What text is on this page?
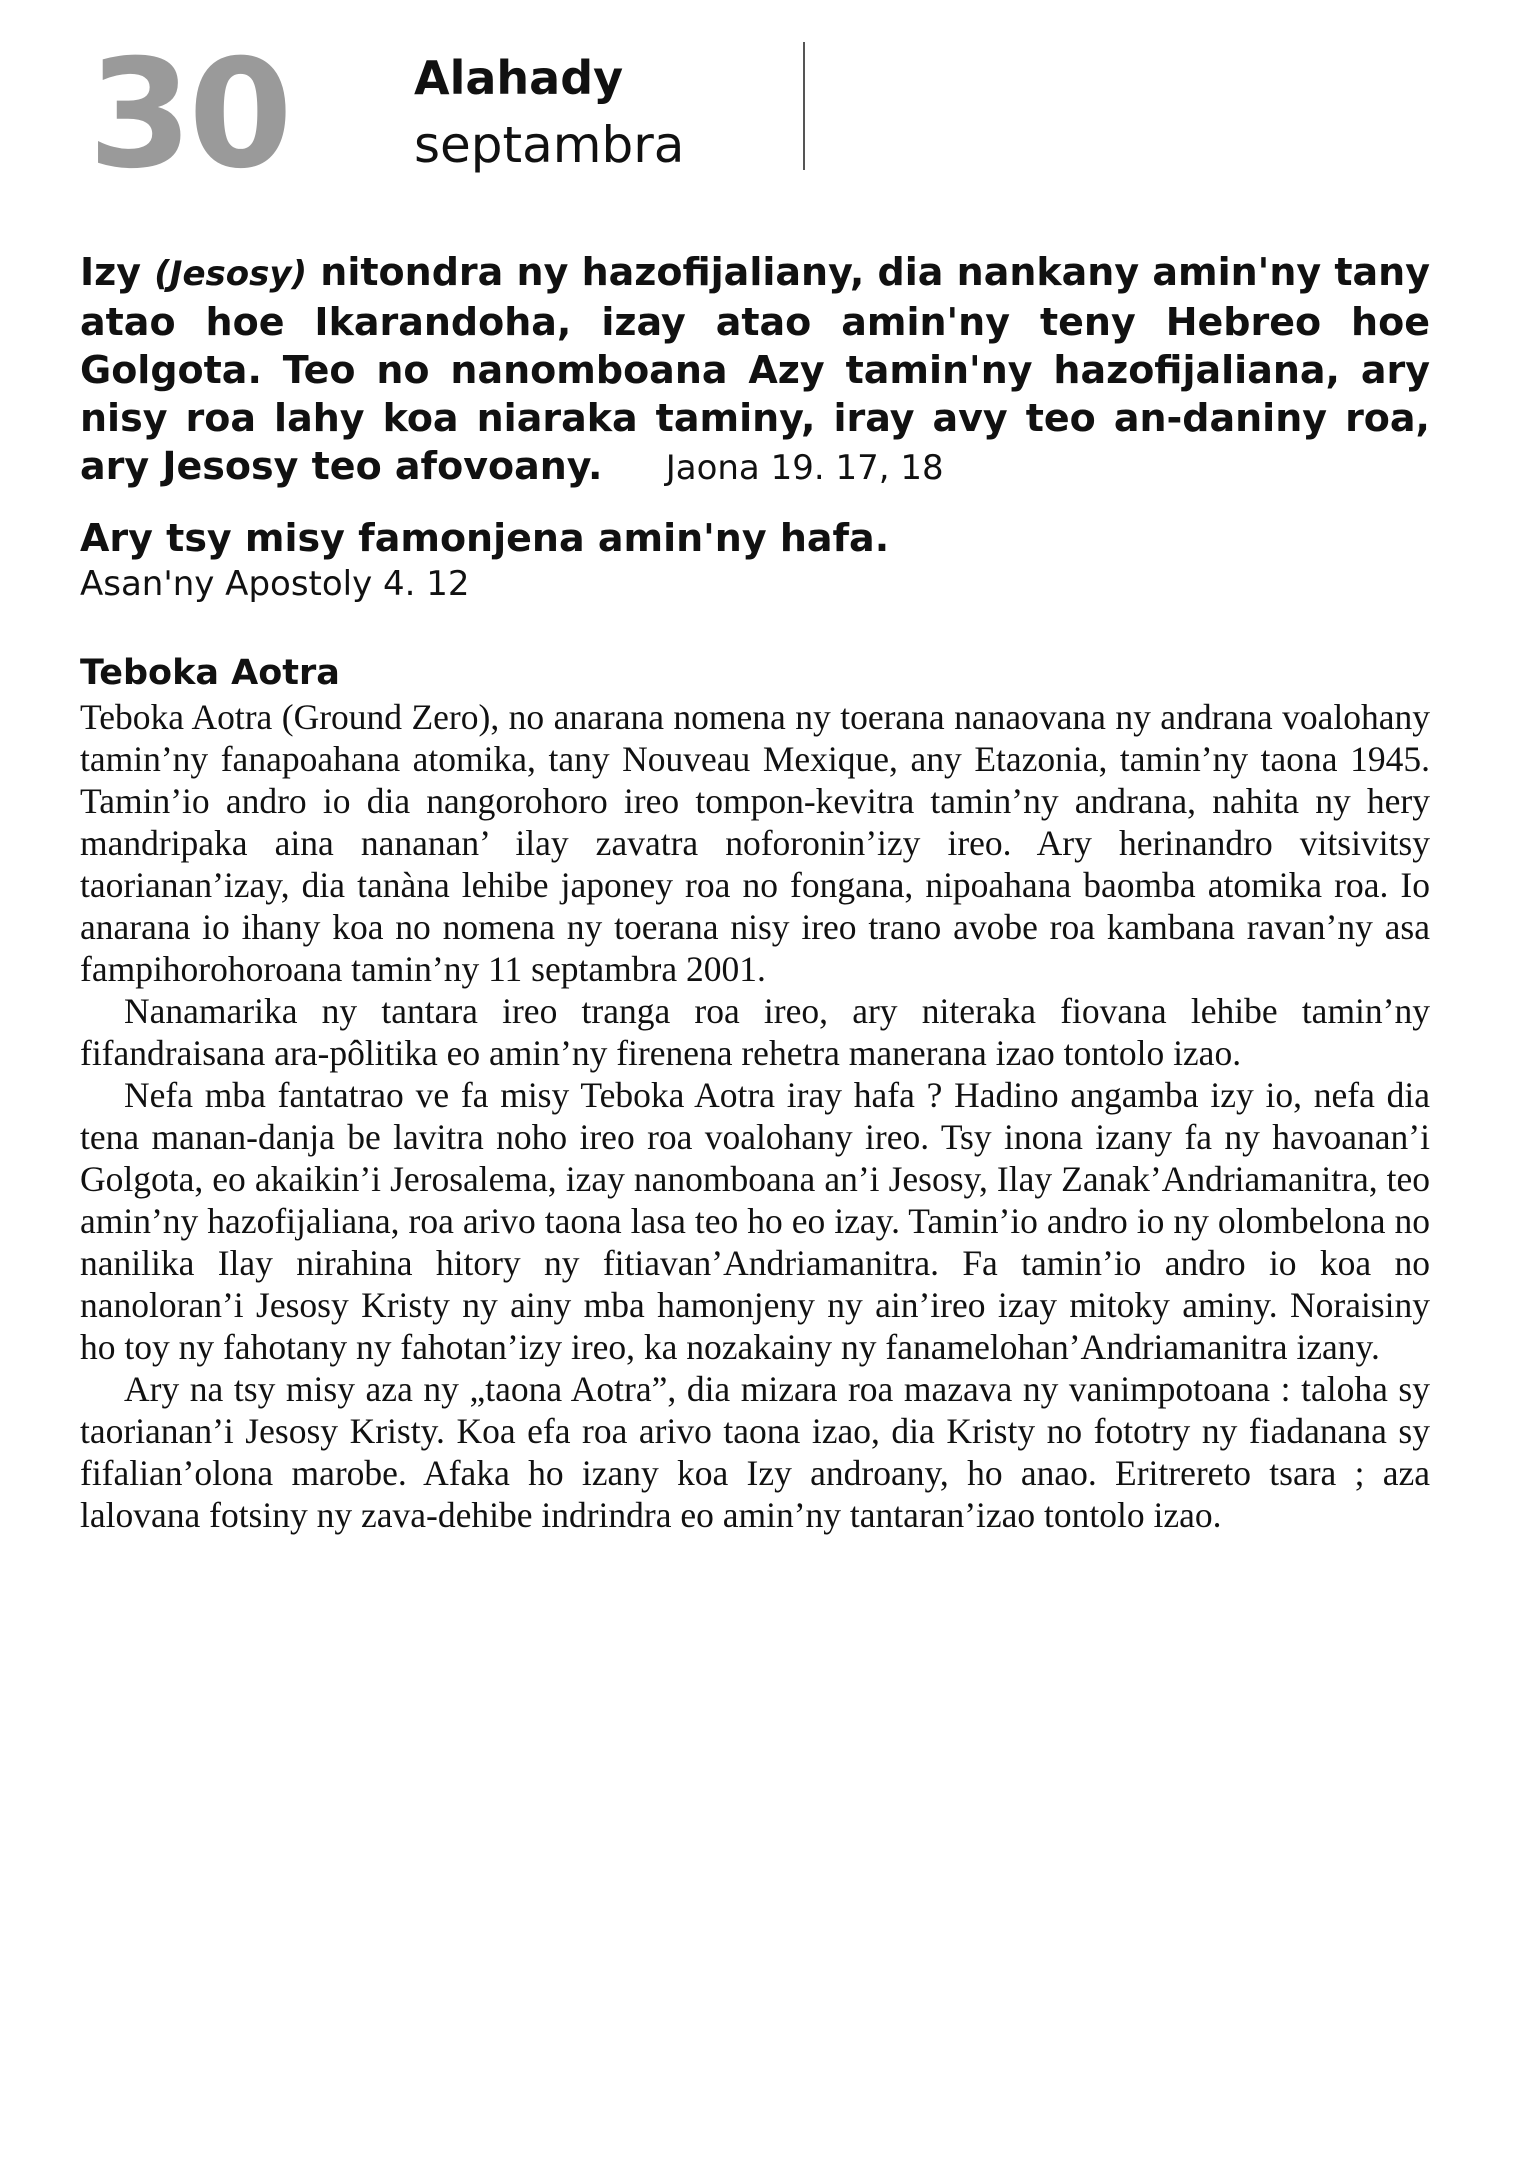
30	Alahady
septambra
Izy (Jesosy) nitondra ny hazofijaliany, dia nankany amin'ny tany atao hoe Ikarandoha, izay atao amin'ny teny Hebreo hoe Golgota. Teo no nanomboana Azy tamin'ny hazofijaliana, ary nisy roa lahy koa niaraka taminy, iray avy teo an-daniny roa, ary Jesosy teo afovoany. Jaona 19. 17, 18
Ary tsy misy famonjena amin'ny hafa.
Asan'ny Apostoly 4. 12
Teboka Aotra

Teboka Aotra (Ground Zero), no anarana nomena ny toerana nanaovana ny andrana voalohany tamin’ny fanapoahana atomika, tany Nouveau Mexique, any Etazonia, tamin’ny taona 1945. Tamin’io andro io dia nangorohoro ireo tompon-kevitra tamin’ny andrana, nahita ny hery mandripaka aina nananan’ ilay zavatra noforonin’izy ireo. Ary herinandro vitsivitsy taorianan’izay, dia tanàna lehibe japoney roa no fongana, nipoahana baomba atomika roa. Io anarana io ihany koa no nomena ny toerana nisy ireo trano avobe roa kambana ravan’ny asa fampihorohoroana tamin’ny 11 septambra 2001.

Nanamarika ny tantara ireo tranga roa ireo, ary niteraka fiovana lehibe tamin’ny fifandraisana ara-pôlitika eo amin’ny firenena rehetra manerana izao tontolo izao.

Nefa mba fantatrao ve fa misy Teboka Aotra iray hafa ? Hadino angamba izy io, nefa dia tena manan-danja be lavitra noho ireo roa voalohany ireo. Tsy inona izany fa ny havoanan’i Golgota, eo akaikin’i Jerosalema, izay nanomboana an’i Jesosy, Ilay Zanak’Andriamanitra, teo amin’ny hazofijaliana, roa arivo taona lasa teo ho eo izay. Tamin’io andro io ny olombelona no nanilika Ilay nirahina hitory ny fitiavan’Andriamanitra. Fa tamin’io andro io koa no nanoloran’i Jesosy Kristy ny ainy mba hamonjeny ny ain’ireo izay mitoky aminy. Noraisiny ho toy ny fahotany ny fahotan’izy ireo, ka nozakainy ny fanamelohan’Andriamanitra izany.

Ary na tsy misy aza ny „taona Aotra”, dia mizara roa mazava ny vanimpotoana : taloha sy taorianan’i Jesosy Kristy. Koa efa roa arivo taona izao, dia Kristy no fototry ny fiadanana sy fifalian’olona marobe. Afaka ho izany koa Izy androany, ho anao. Eritrereto tsara ; aza lalovana fotsiny ny zava-dehibe indrindra eo amin’ny tantaran’izao tontolo izao.
